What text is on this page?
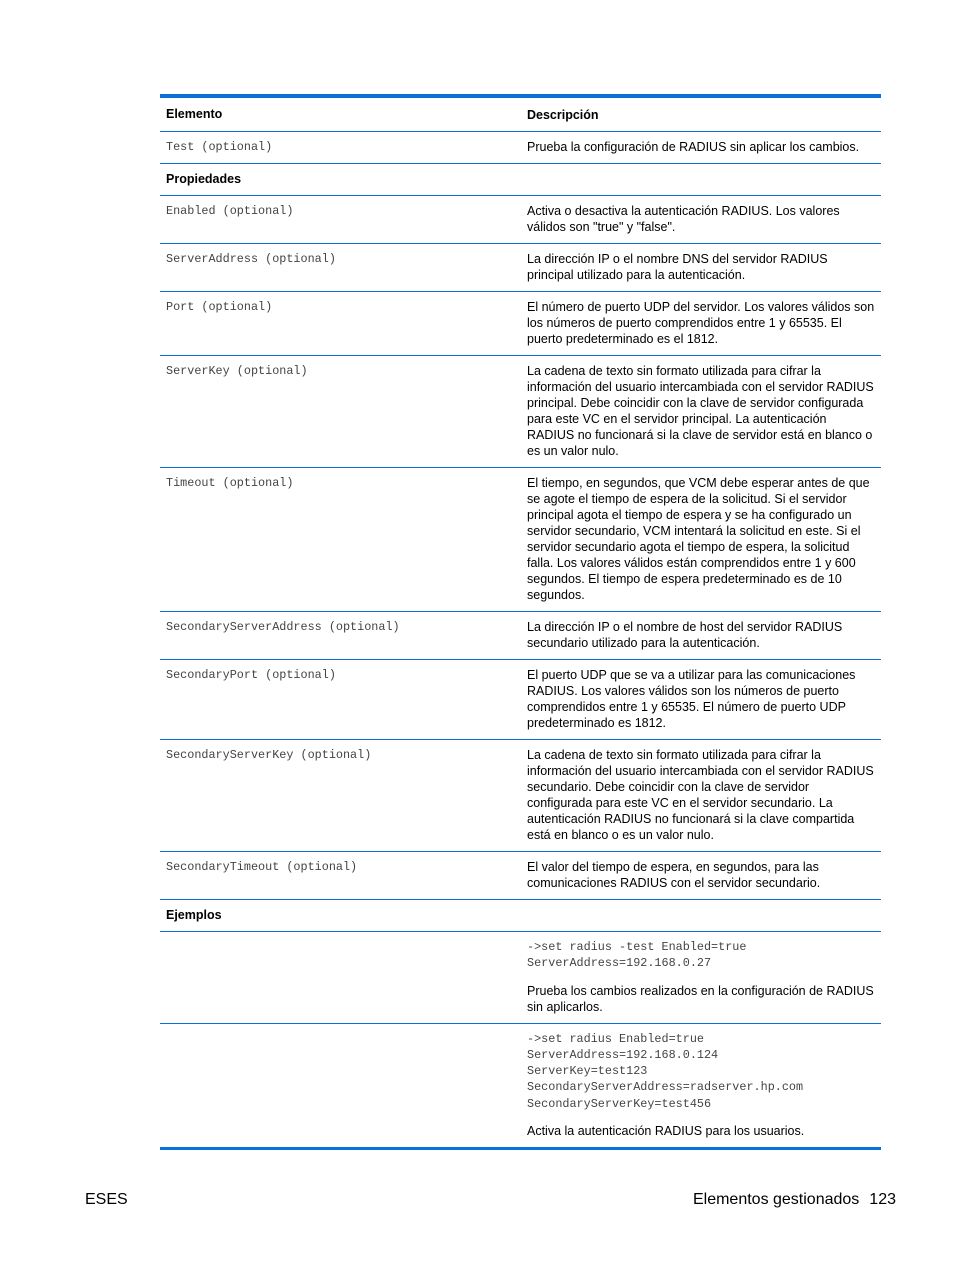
Elemento	Descripción
Test (optional)	Prueba la configuración de RADIUS sin aplicar los cambios.
Propiedades
Enabled (optional)	Activa o desactiva la autenticación RADIUS. Los valores válidos son "true" y "false".
ServerAddress (optional)	La dirección IP o el nombre DNS del servidor RADIUS principal utilizado para la autenticación.
Port (optional)	El número de puerto UDP del servidor. Los valores válidos son los números de puerto comprendidos entre 1 y 65535. El puerto predeterminado es el 1812.
ServerKey (optional)	La cadena de texto sin formato utilizada para cifrar la información del usuario intercambiada con el servidor RADIUS principal. Debe coincidir con la clave de servidor configurada para este VC en el servidor principal. La autenticación RADIUS no funcionará si la clave de servidor está en blanco o es un valor nulo.
Timeout (optional)	El tiempo, en segundos, que VCM debe esperar antes de que se agote el tiempo de espera de la solicitud. Si el servidor principal agota el tiempo de espera y se ha configurado un servidor secundario, VCM intentará la solicitud en este. Si el servidor secundario agota el tiempo de espera, la solicitud falla. Los valores válidos están comprendidos entre 1 y 600 segundos. El tiempo de espera predeterminado es de 10 segundos.
SecondaryServerAddress (optional)	La dirección IP o el nombre de host del servidor RADIUS secundario utilizado para la autenticación.
SecondaryPort (optional)	El puerto UDP que se va a utilizar para las comunicaciones RADIUS. Los valores válidos son los números de puerto comprendidos entre 1 y 65535. El número de puerto UDP predeterminado es 1812.
SecondaryServerKey (optional)	La cadena de texto sin formato utilizada para cifrar la información del usuario intercambiada con el servidor RADIUS secundario. Debe coincidir con la clave de servidor configurada para este VC en el servidor secundario. La autenticación RADIUS no funcionará si la clave compartida está en blanco o es un valor nulo.
SecondaryTimeout (optional)	El valor del tiempo de espera, en segundos, para las comunicaciones RADIUS con el servidor secundario.
Ejemplos
->set radius -test Enabled=true
ServerAddress=192.168.0.27
Prueba los cambios realizados en la configuración de RADIUS sin aplicarlos.
->set radius Enabled=true
ServerAddress=192.168.0.124
ServerKey=test123
SecondaryServerAddress=radserver.hp.com
SecondaryServerKey=test456
Activa la autenticación RADIUS para los usuarios.
ESES	Elementos gestionados 123
